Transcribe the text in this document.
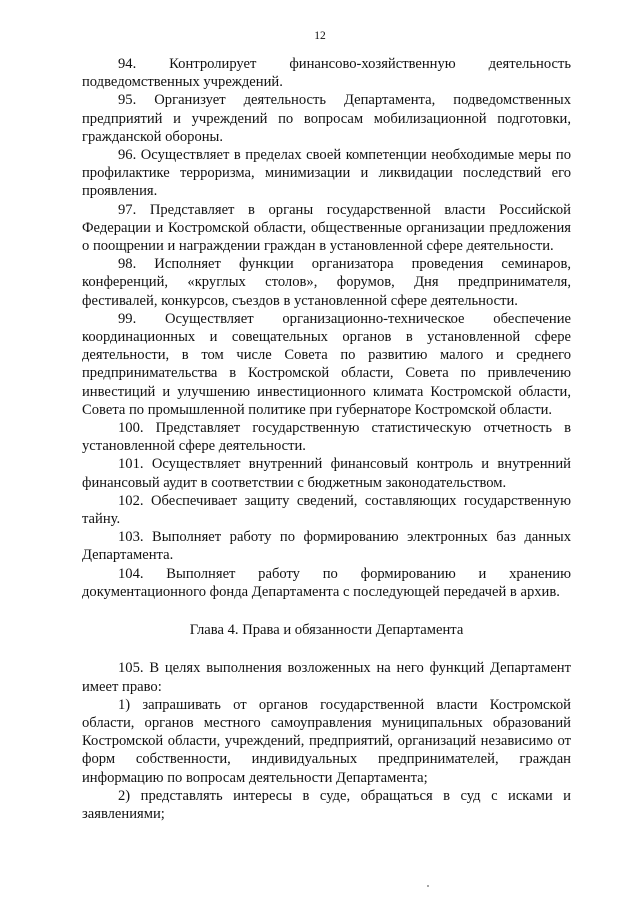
12

94. Контролирует финансово-хозяйственную деятельность подведомственных учреждений.

95. Организует деятельность Департамента, подведомственных предприятий и учреждений по вопросам мобилизационной подготовки, гражданской обороны.

96. Осуществляет в пределах своей компетенции необходимые меры по профилактике терроризма, минимизации и ликвидации последствий его проявления.

97. Представляет в органы государственной власти Российской Федерации и Костромской области, общественные организации предложения о поощрении и награждении граждан в установленной сфере деятельности.

98. Исполняет функции организатора проведения семинаров, конференций, «круглых столов», форумов, Дня предпринимателя, фестивалей, конкурсов, съездов в установленной сфере деятельности.

99. Осуществляет организационно-техническое обеспечение координационных и совещательных органов в установленной сфере деятельности, в том числе Совета по развитию малого и среднего предпринимательства в Костромской области, Совета по привлечению инвестиций и улучшению инвестиционного климата Костромской области, Совета по промышленной политике при губернаторе Костромской области.

100. Представляет государственную статистическую отчетность в установленной сфере деятельности.

101. Осуществляет внутренний финансовый контроль и внутренний финансовый аудит в соответствии с бюджетным законодательством.

102. Обеспечивает защиту сведений, составляющих государственную тайну.

103. Выполняет работу по формированию электронных баз данных Департамента.

104. Выполняет работу по формированию и хранению документационного фонда Департамента с последующей передачей в архив.

Глава 4. Права и обязанности Департамента

105. В целях выполнения возложенных на него функций Департамент имеет право:

1) запрашивать от органов государственной власти Костромской области, органов местного самоуправления муниципальных образований Костромской области, учреждений, предприятий, организаций независимо от форм собственности, индивидуальных предпринимателей, граждан информацию по вопросам деятельности Департамента;

2) представлять интересы в суде, обращаться в суд с исками и заявлениями;
